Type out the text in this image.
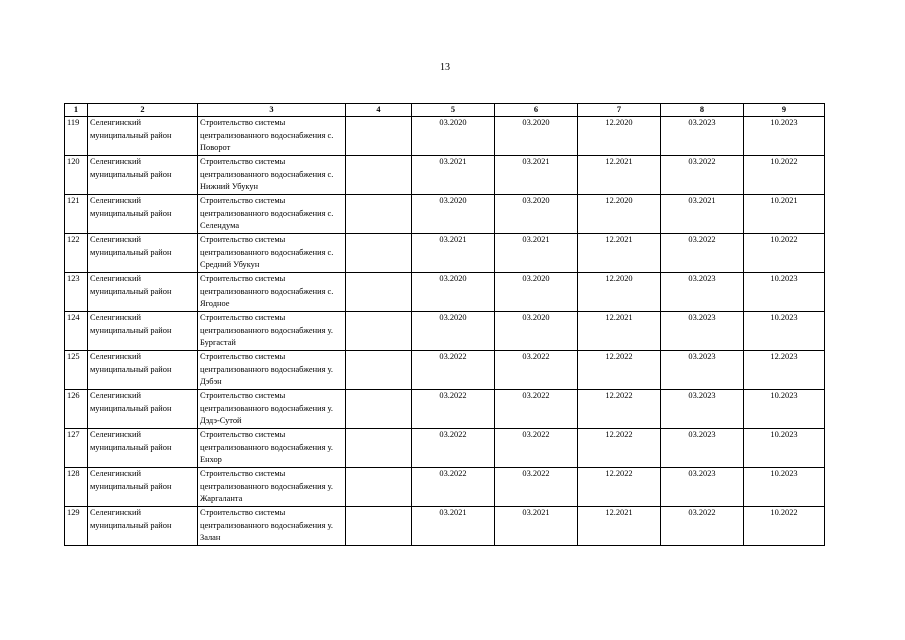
13
1	2	3	4	5	6	7	8	9
119	Селенгинский муниципальный район	Строительство системы централизованного водоснабжения с. Поворот		03.2020	03.2020	12.2020	03.2023	10.2023
120	Селенгинский муниципальный район	Строительство системы централизованного водоснабжения с. Нижний Убукун		03.2021	03.2021	12.2021	03.2022	10.2022
121	Селенгинский муниципальный район	Строительство системы централизованного водоснабжения с. Селендума		03.2020	03.2020	12.2020	03.2021	10.2021
122	Селенгинский муниципальный район	Строительство системы централизованного водоснабжения с. Средний Убукун		03.2021	03.2021	12.2021	03.2022	10.2022
123	Селенгинский муниципальный район	Строительство системы централизованного водоснабжения с. Ягодное		03.2020	03.2020	12.2020	03.2023	10.2023
124	Селенгинский муниципальный район	Строительство системы централизованного водоснабжения у. Бургастай		03.2020	03.2020	12.2021	03.2023	10.2023
125	Селенгинский муниципальный район	Строительство системы централизованного водоснабжения у. Дэбэн		03.2022	03.2022	12.2022	03.2023	12.2023
126	Селенгинский муниципальный район	Строительство системы централизованного водоснабжения у. Дэдэ-Сутой		03.2022	03.2022	12.2022	03.2023	10.2023
127	Селенгинский муниципальный район	Строительство системы централизованного водоснабжения у. Енхор		03.2022	03.2022	12.2022	03.2023	10.2023
128	Селенгинский муниципальный район	Строительство системы централизованного водоснабжения у. Жаргаланта		03.2022	03.2022	12.2022	03.2023	10.2023
129	Селенгинский муниципальный район	Строительство системы централизованного водоснабжения у. Залан		03.2021	03.2021	12.2021	03.2022	10.2022
